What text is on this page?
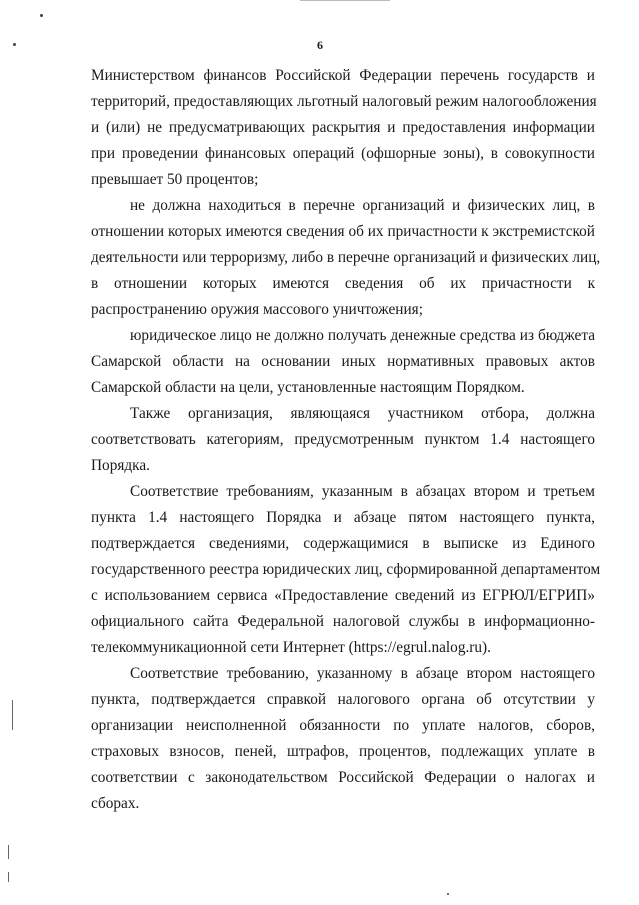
6
Министерством финансов Российской Федерации перечень государств и
территорий, предоставляющих льготный налоговый режим налогообложения
и (или) не предусматривающих раскрытия и предоставления информации
при проведении финансовых операций (офшорные зоны), в совокупности
превышает 50 процентов;
не должна находиться в перечне организаций и физических лиц, в
отношении которых имеются сведения об их причастности к экстремистской
деятельности или терроризму, либо в перечне организаций и физических лиц,
в отношении которых имеются сведения об их причастности к
распространению оружия массового уничтожения;
юридическое лицо не должно получать денежные средства из бюджета
Самарской области на основании иных нормативных правовых актов
Самарской области на цели, установленные настоящим Порядком.
Также организация, являющаяся участником отбора, должна
соответствовать категориям, предусмотренным пунктом 1.4 настоящего
Порядка.
Соответствие требованиям, указанным в абзацах втором и третьем
пункта 1.4 настоящего Порядка и абзаце пятом настоящего пункта,
подтверждается сведениями, содержащимися в выписке из Единого
государственного реестра юридических лиц, сформированной департаментом
с использованием сервиса «Предоставление сведений из ЕГРЮЛ/ЕГРИП»
официального сайта Федеральной налоговой службы в информационно-
телекоммуникационной сети Интернет (https://egrul.nalog.ru).
Соответствие требованию, указанному в абзаце втором настоящего
пункта, подтверждается справкой налогового органа об отсутствии у
организации неисполненной обязанности по уплате налогов, сборов,
страховых взносов, пеней, штрафов, процентов, подлежащих уплате в
соответствии с законодательством Российской Федерации о налогах и
сборах.
